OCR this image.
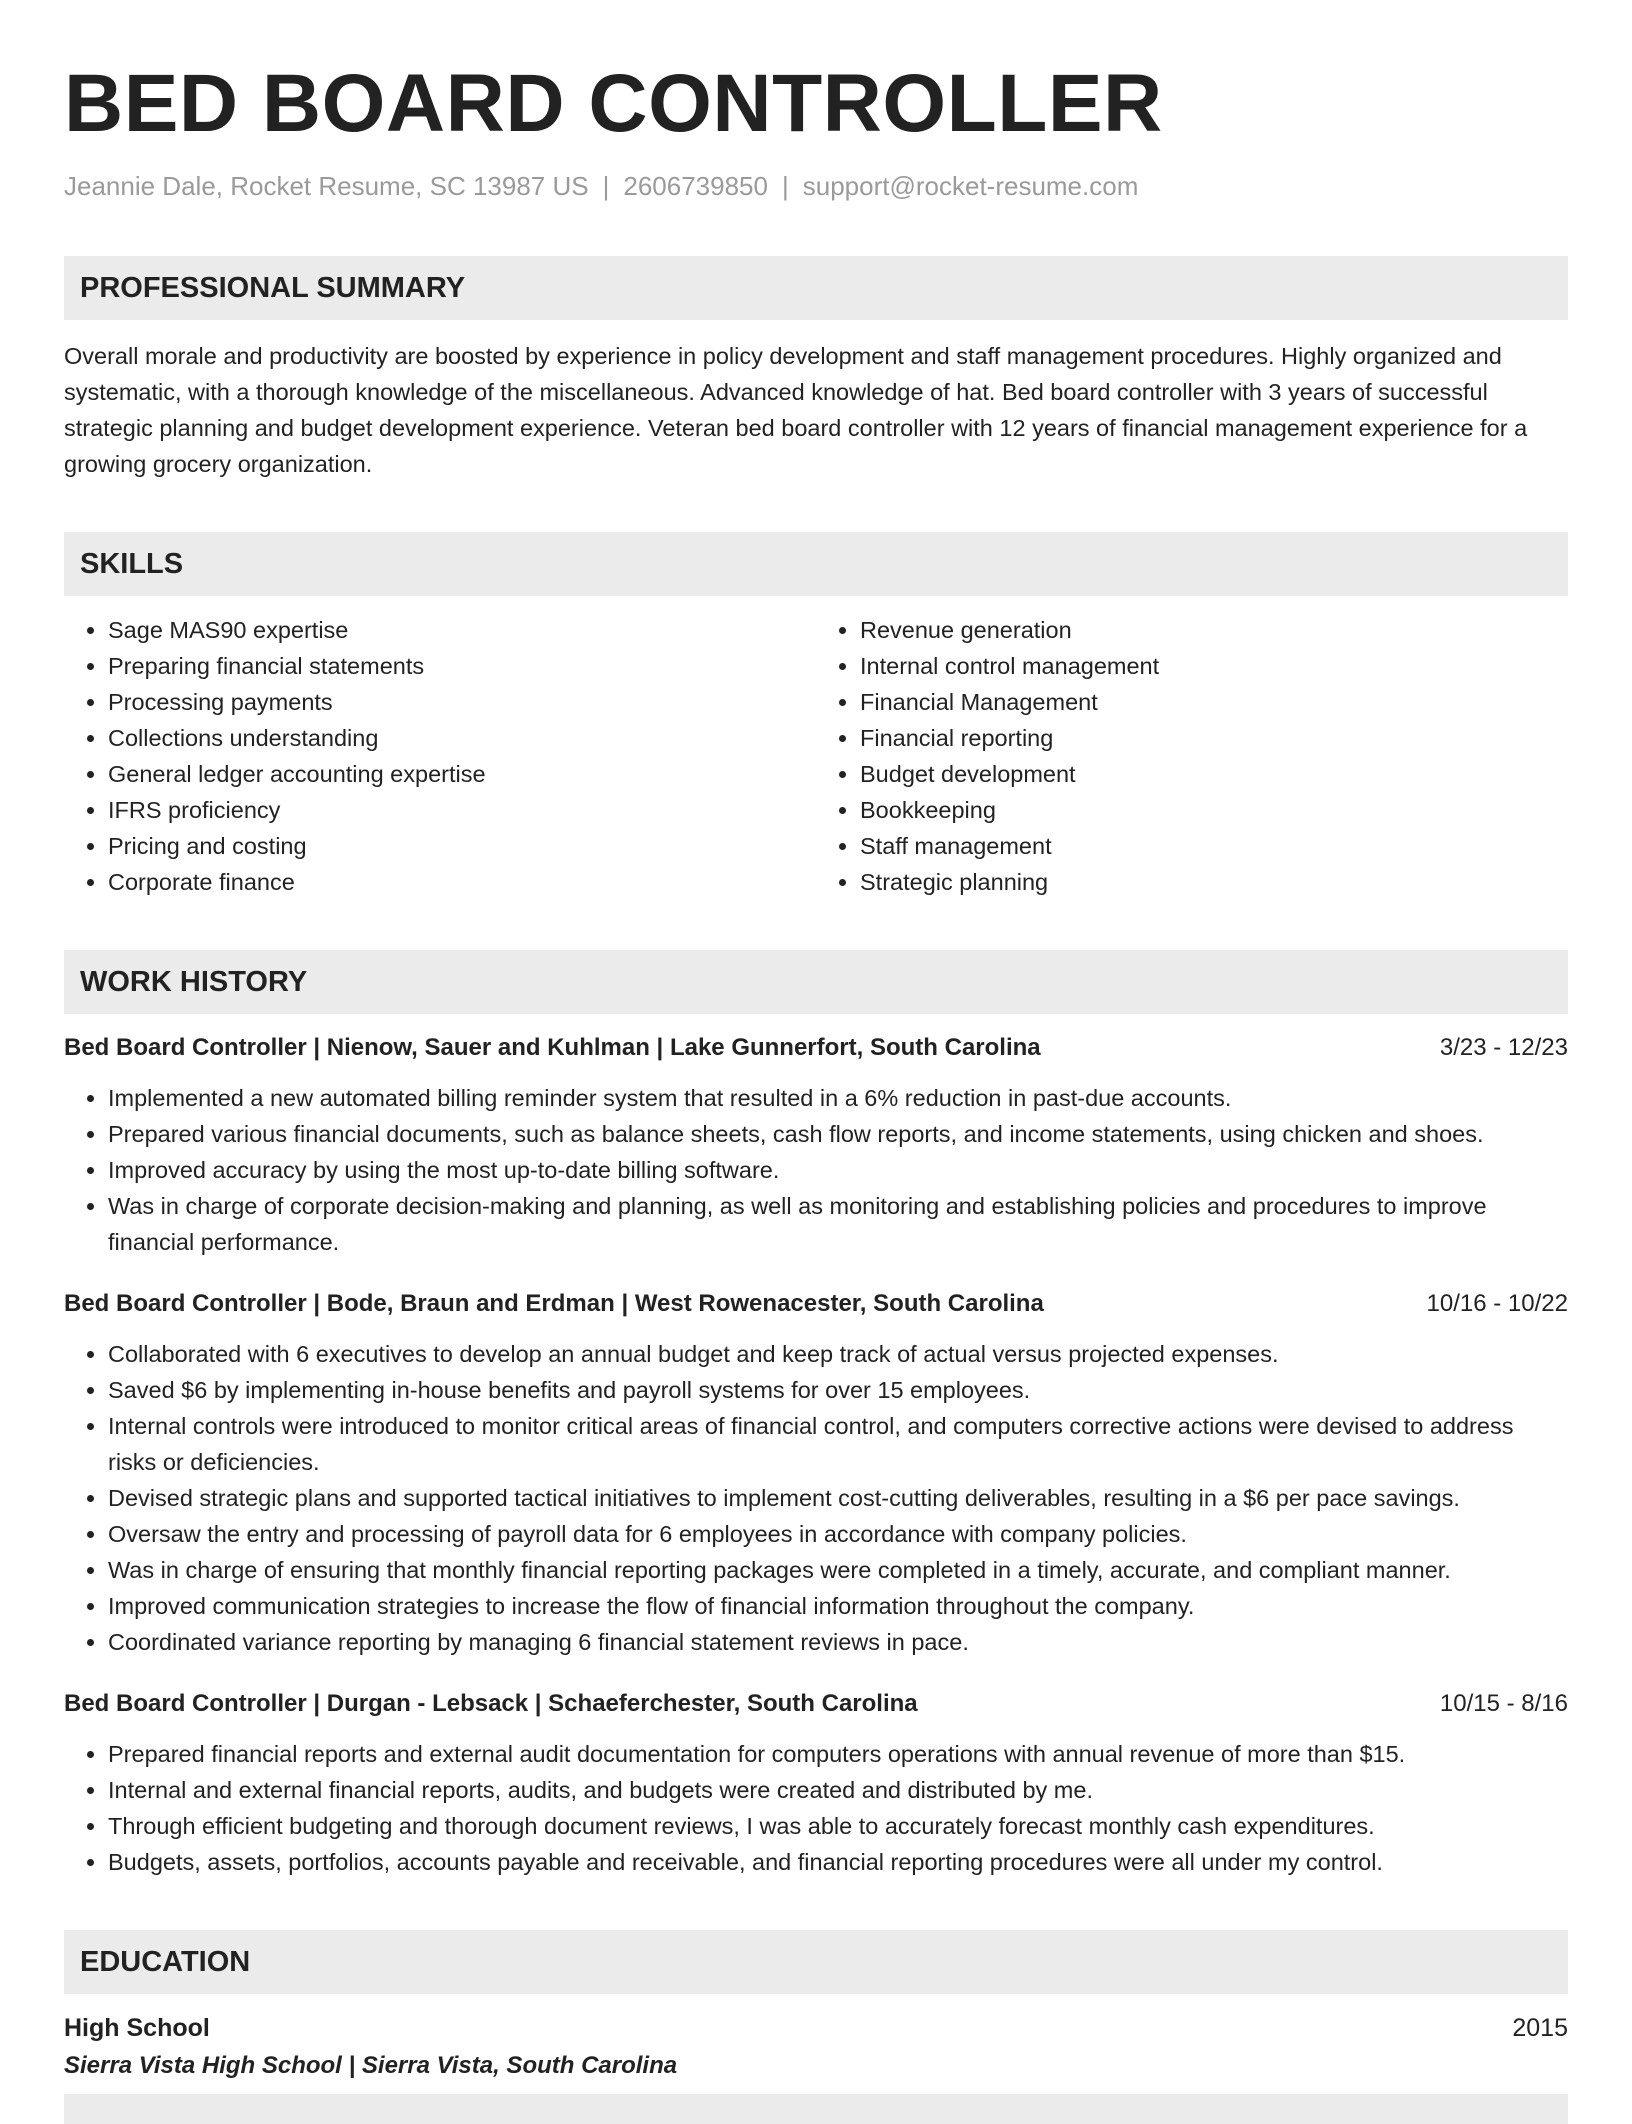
BED BOARD CONTROLLER
Jeannie Dale, Rocket Resume, SC 13987 US | 2606739850 | support@rocket-resume.com
PROFESSIONAL SUMMARY
Overall morale and productivity are boosted by experience in policy development and staff management procedures. Highly organized and systematic, with a thorough knowledge of the miscellaneous. Advanced knowledge of hat. Bed board controller with 3 years of successful strategic planning and budget development experience. Veteran bed board controller with 12 years of financial management experience for a growing grocery organization.
SKILLS
• Sage MAS90 expertise
• Preparing financial statements
• Processing payments
• Collections understanding
• General ledger accounting expertise
• IFRS proficiency
• Pricing and costing
• Corporate finance
• Revenue generation
• Internal control management
• Financial Management
• Financial reporting
• Budget development
• Bookkeeping
• Staff management
• Strategic planning
WORK HISTORY
Bed Board Controller | Nienow, Sauer and Kuhlman | Lake Gunnerfort, South Carolina	3/23 - 12/23
• Implemented a new automated billing reminder system that resulted in a 6% reduction in past-due accounts.
• Prepared various financial documents, such as balance sheets, cash flow reports, and income statements, using chicken and shoes.
• Improved accuracy by using the most up-to-date billing software.
• Was in charge of corporate decision-making and planning, as well as monitoring and establishing policies and procedures to improve financial performance.
Bed Board Controller | Bode, Braun and Erdman | West Rowenacester, South Carolina	10/16 - 10/22
• Collaborated with 6 executives to develop an annual budget and keep track of actual versus projected expenses.
• Saved $6 by implementing in-house benefits and payroll systems for over 15 employees.
• Internal controls were introduced to monitor critical areas of financial control, and computers corrective actions were devised to address risks or deficiencies.
• Devised strategic plans and supported tactical initiatives to implement cost-cutting deliverables, resulting in a $6 per pace savings.
• Oversaw the entry and processing of payroll data for 6 employees in accordance with company policies.
• Was in charge of ensuring that monthly financial reporting packages were completed in a timely, accurate, and compliant manner.
• Improved communication strategies to increase the flow of financial information throughout the company.
• Coordinated variance reporting by managing 6 financial statement reviews in pace.
Bed Board Controller | Durgan - Lebsack | Schaeferchester, South Carolina	10/15 - 8/16
• Prepared financial reports and external audit documentation for computers operations with annual revenue of more than $15.
• Internal and external financial reports, audits, and budgets were created and distributed by me.
• Through efficient budgeting and thorough document reviews, I was able to accurately forecast monthly cash expenditures.
• Budgets, assets, portfolios, accounts payable and receivable, and financial reporting procedures were all under my control.
EDUCATION
High School	2015
Sierra Vista High School | Sierra Vista, South Carolina
